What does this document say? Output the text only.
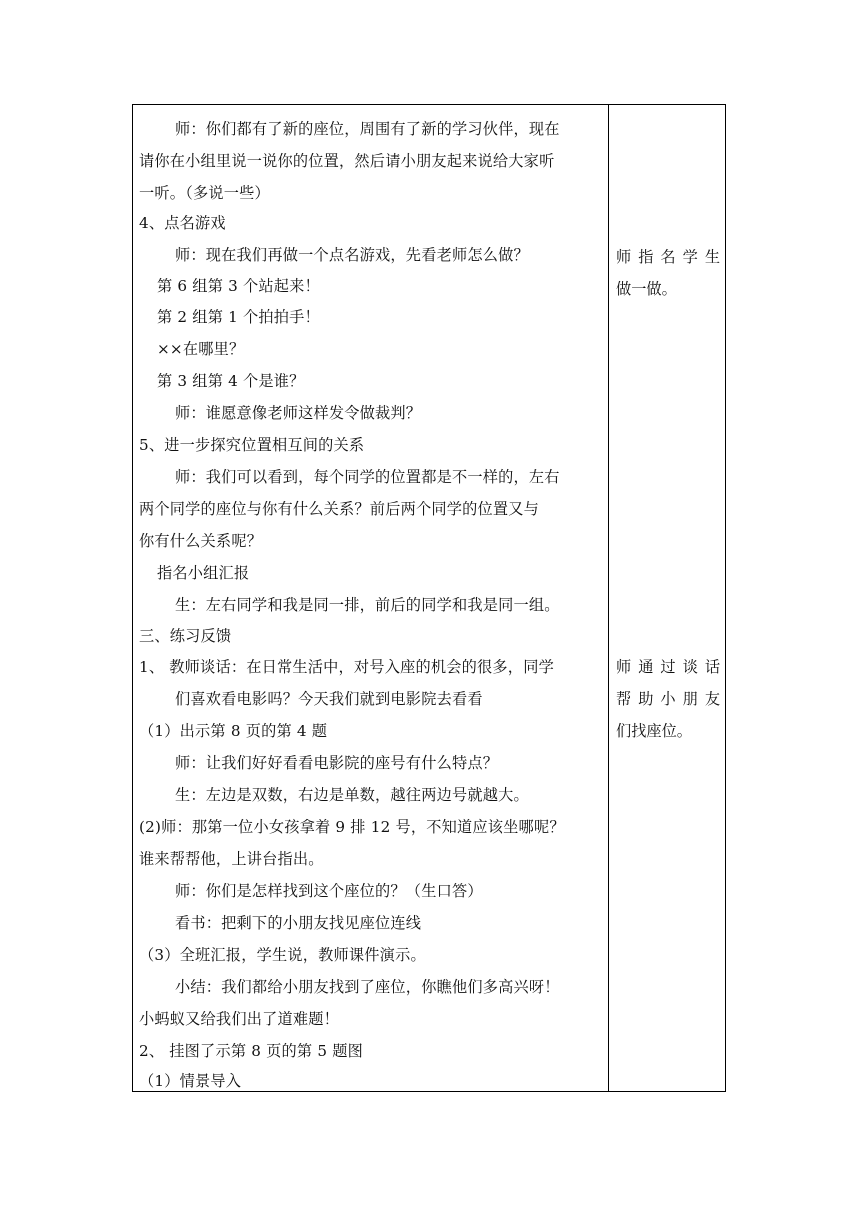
师：你们都有了新的座位，周围有了新的学习伙伴，现在
请你在小组里说一说你的位置，然后请小朋友起来说给大家听
一听。（多说一些）
4、点名游戏
师：现在我们再做一个点名游戏，先看老师怎么做？
第 6 组第 3 个站起来！
第 2 组第 1 个拍拍手！
××在哪里？
第 3 组第 4 个是谁？
师：谁愿意像老师这样发令做裁判？
5、进一步探究位置相互间的关系
师：我们可以看到，每个同学的位置都是不一样的，左右
两个同学的座位与你有什么关系？前后两个同学的位置又与
你有什么关系呢？
指名小组汇报
生：左右同学和我是同一排，前后的同学和我是同一组。
三、练习反馈
1、 教师谈话：在日常生活中，对号入座的机会的很多，同学
们喜欢看电影吗？今天我们就到电影院去看看
（1）出示第 8 页的第 4 题
师：让我们好好看看电影院的座号有什么特点？
生：左边是双数，右边是单数，越往两边号就越大。
(2)师：那第一位小女孩拿着 9 排 12 号，不知道应该坐哪呢？
谁来帮帮他，上讲台指出。
师：你们是怎样找到这个座位的？（生口答）
看书：把剩下的小朋友找见座位连线
（3）全班汇报，学生说，教师课件演示。
小结：我们都给小朋友找到了座位，你瞧他们多高兴呀！
小蚂蚁又给我们出了道难题！
2、 挂图了示第 8 页的第 5 题图
（1）情景导入
师指名学生
做一做。
师通过谈话
帮助小朋友
们找座位。
